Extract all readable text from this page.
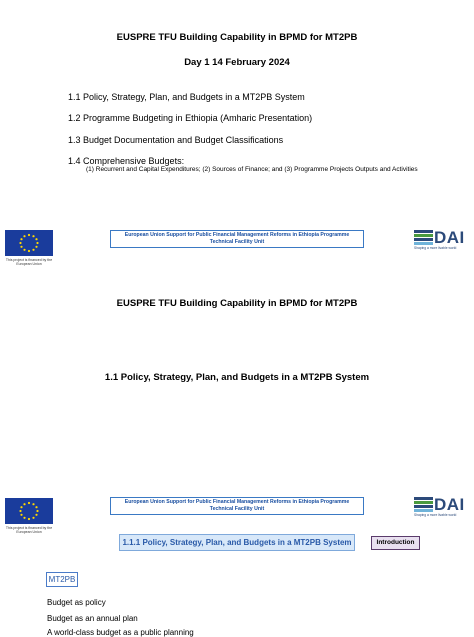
EUSPRE TFU Building Capability in BPMD for MT2PB
Day 1 14 February 2024
1.1 Policy, Strategy, Plan, and Budgets in a MT2PB System
1.2 Programme Budgeting in Ethiopia (Amharic Presentation)
1.3 Budget Documentation and Budget Classifications
1.4 Comprehensive Budgets:
(1) Recurrent and Capital Expenditures; (2) Sources of Finance; and (3) Programme Projects Outputs and Activities
This project is financed by the European Union
European Union Support for Public Financial Management Reforms in Ethiopia Programme
Technical Facility Unit	DAI
Shaping a more livable world
EUSPRE TFU Building Capability in BPMD for MT2PB
1.1 Policy, Strategy, Plan, and Budgets in a MT2PB System
This project is financed by the European Union
European Union Support for Public Financial Management Reforms in Ethiopia Programme
Technical Facility Unit	DAI
Shaping a more livable world
1.1.1 Policy, Strategy, Plan, and Budgets in a MT2PB System	Introduction
MT2PB
Budget as policy
Budget as an annual plan
A world-class budget as a public planning
